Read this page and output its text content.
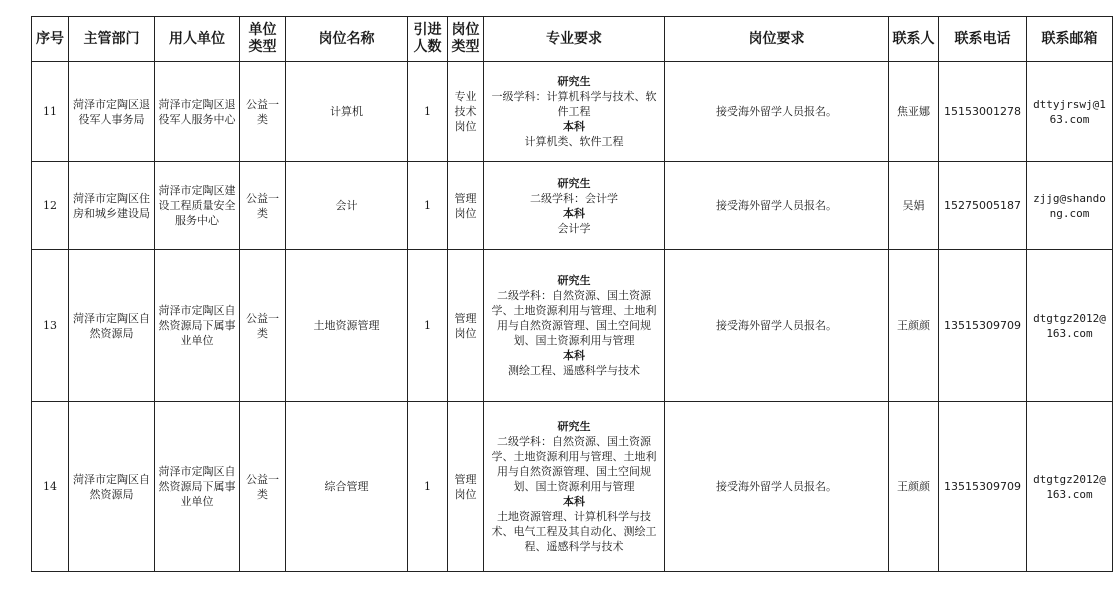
序号	主管部门	用人单位	单位类型	岗位名称	引进人数	岗位类型	专业要求	岗位要求	联系人	联系电话	联系邮箱
11	菏泽市定陶区退役军人事务局	菏泽市定陶区退役军人服务中心	公益一类	计算机	1	专业技术岗位	研究生
一级学科：计算机科学与技术、软件工程
本科
计算机类、软件工程	接受海外留学人员报名。	焦亚娜	15153001278	dttyjrswj@163.com
12	菏泽市定陶区住房和城乡建设局	菏泽市定陶区建设工程质量安全服务中心	公益一类	会计	1	管理岗位	研究生
二级学科：会计学
本科
会计学	接受海外留学人员报名。	吴娟	15275005187	zjjg@shandong.com
13	菏泽市定陶区自然资源局	菏泽市定陶区自然资源局下属事业单位	公益一类	土地资源管理	1	管理岗位	研究生
二级学科：自然资源、国土资源学、土地资源利用与管理、土地利用与自然资源管理、国土空间规划、国土资源利用与管理
本科
测绘工程、遥感科学与技术	接受海外留学人员报名。	王颜颜	13515309709	dtgtgz2012@163.com
14	菏泽市定陶区自然资源局	菏泽市定陶区自然资源局下属事业单位	公益一类	综合管理	1	管理岗位	研究生
二级学科：自然资源、国土资源学、土地资源利用与管理、土地利用与自然资源管理、国土空间规划、国土资源利用与管理
本科
土地资源管理、计算机科学与技术、电气工程及其自动化、测绘工程、遥感科学与技术	接受海外留学人员报名。	王颜颜	13515309709	dtgtgz2012@163.com
